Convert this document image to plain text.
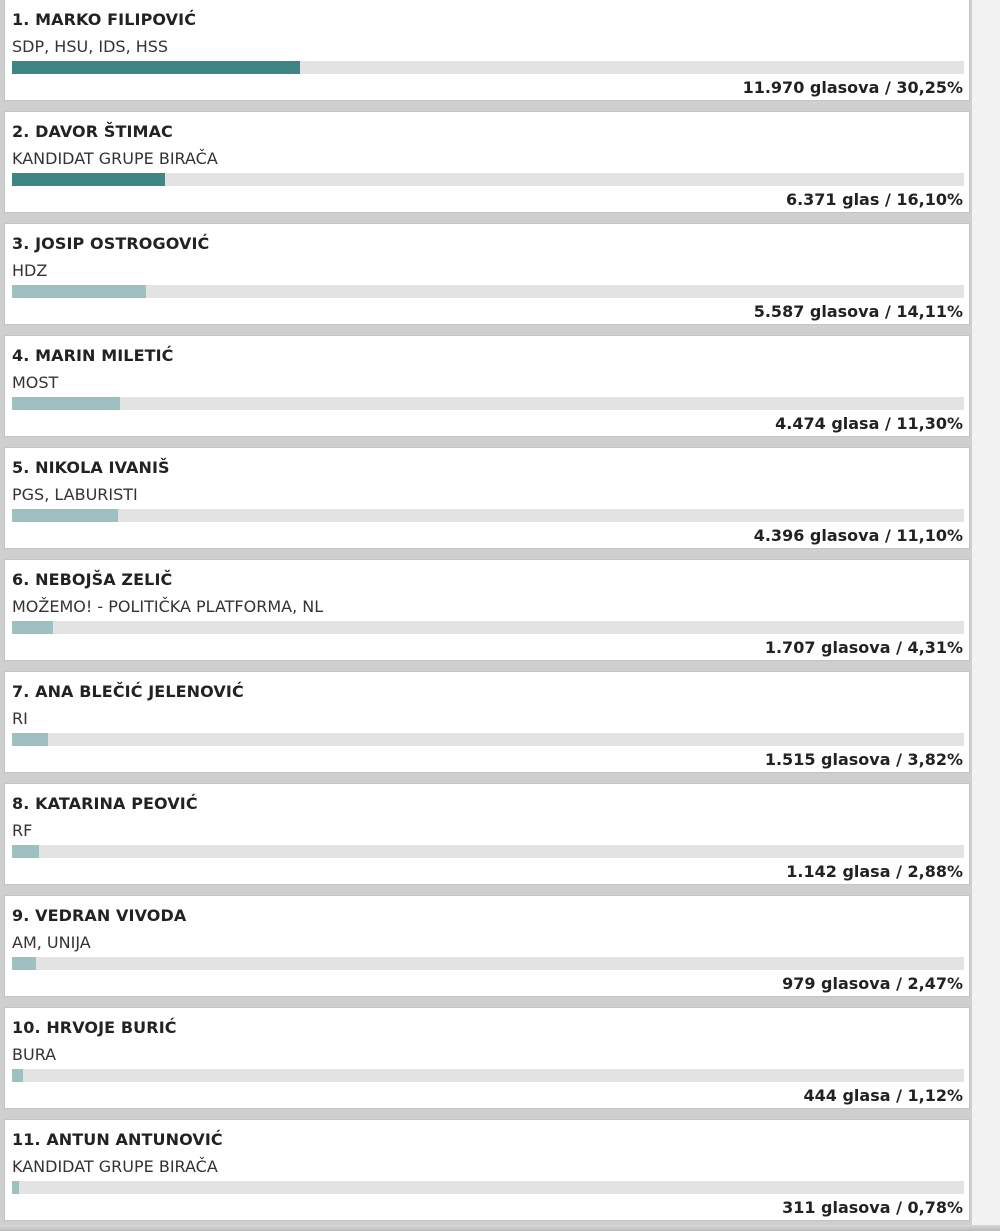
1. MARKO FILIPOVIĆ
SDP, HSU, IDS, HSS
11.970 glasova / 30,25%
2. DAVOR ŠTIMAC
KANDIDAT GRUPE BIRAČA
6.371 glas / 16,10%
3. JOSIP OSTROGOVIĆ
HDZ
5.587 glasova / 14,11%
4. MARIN MILETIĆ
MOST
4.474 glasa / 11,30%
5. NIKOLA IVANIŠ
PGS, LABURISTI
4.396 glasova / 11,10%
6. NEBOJŠA ZELIČ
MOŽEMO! - POLITIČKA PLATFORMA, NL
1.707 glasova / 4,31%
7. ANA BLEČIĆ JELENOVIĆ
RI
1.515 glasova / 3,82%
8. KATARINA PEOVIĆ
RF
1.142 glasa / 2,88%
9. VEDRAN VIVODA
AM, UNIJA
979 glasova / 2,47%
10. HRVOJE BURIĆ
BURA
444 glasa / 1,12%
11. ANTUN ANTUNOVIĆ
KANDIDAT GRUPE BIRAČA
311 glasova / 0,78%
